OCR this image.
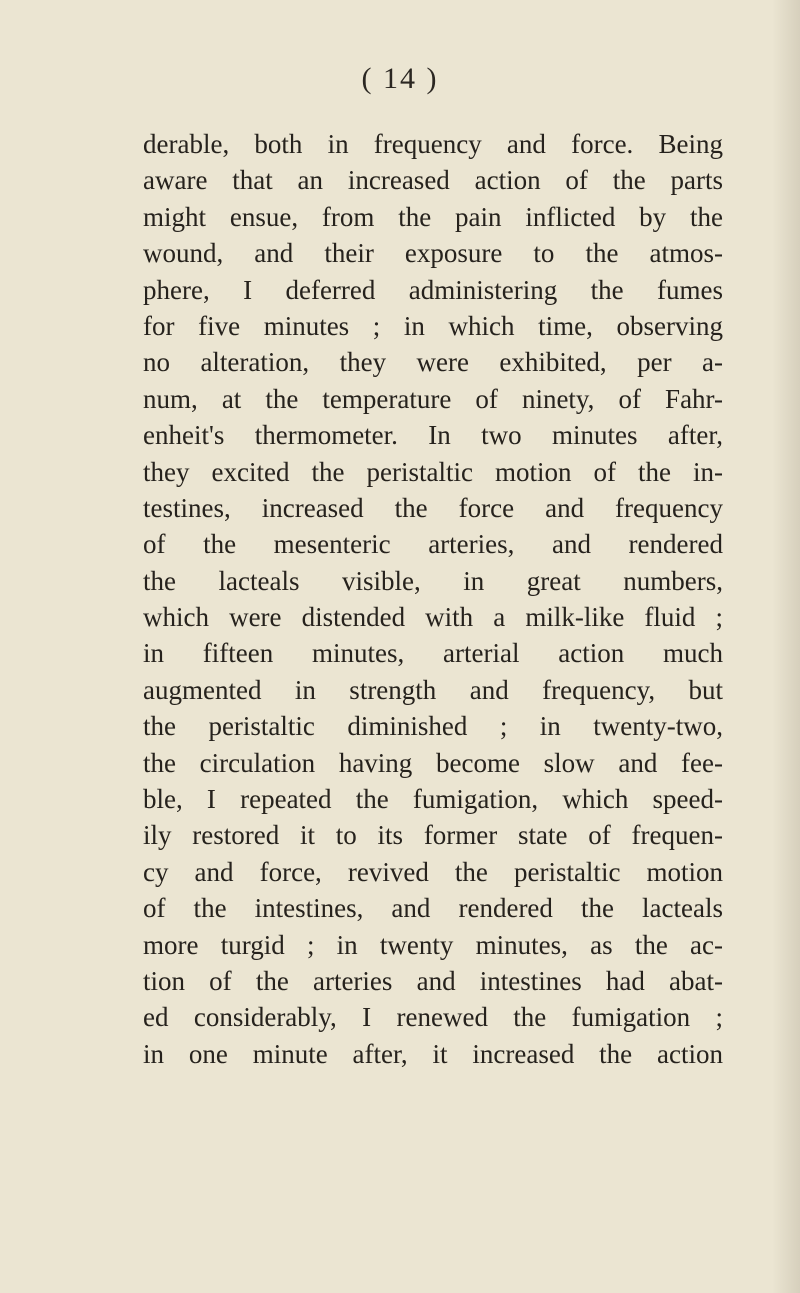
( 14 )
derable, both in frequency and force. Being
aware that an increased action of the parts
might ensue, from the pain inflicted by the
wound, and their exposure to the atmos-
phere, I deferred administering the fumes
for five minutes ; in which time, observing
no alteration, they were exhibited, per a-
num, at the temperature of ninety, of Fahr-
enheit's thermometer. In two minutes after,
they excited the peristaltic motion of the in-
testines, increased the force and frequency
of the mesenteric arteries, and rendered
the lacteals visible, in great numbers,
which were distended with a milk-like fluid ;
in fifteen minutes, arterial action much
augmented in strength and frequency, but
the peristaltic diminished ; in twenty-two,
the circulation having become slow and fee-
ble, I repeated the fumigation, which speed-
ily restored it to its former state of frequen-
cy and force, revived the peristaltic motion
of the intestines, and rendered the lacteals
more turgid ; in twenty minutes, as the ac-
tion of the arteries and intestines had abat-
ed considerably, I renewed the fumigation ;
in one minute after, it increased the action
